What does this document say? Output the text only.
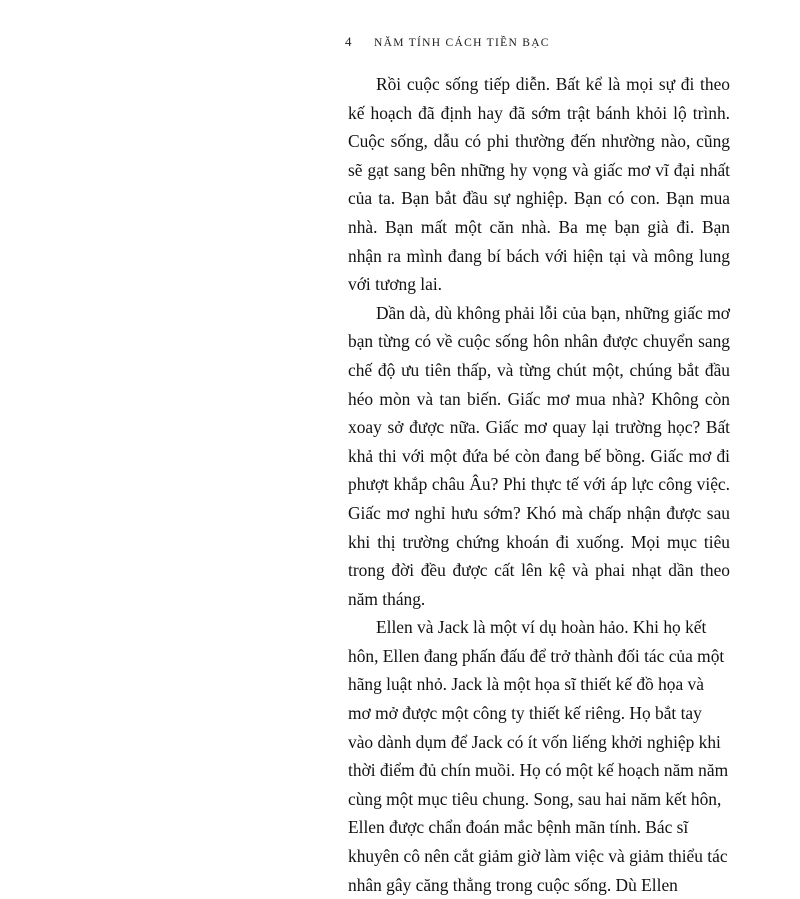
4 NĂM TÍNH CÁCH TIỀN BẠC

Rồi cuộc sống tiếp diễn. Bất kể là mọi sự đi theo kế hoạch đã định hay đã sớm trật bánh khỏi lộ trình. Cuộc sống, dẫu có phi thường đến nhường nào, cũng sẽ gạt sang bên những hy vọng và giấc mơ vĩ đại nhất của ta. Bạn bắt đầu sự nghiệp. Bạn có con. Bạn mua nhà. Bạn mất một căn nhà. Ba mẹ bạn già đi. Bạn nhận ra mình đang bí bách với hiện tại và mông lung với tương lai.

Dần dà, dù không phải lỗi của bạn, những giấc mơ bạn từng có về cuộc sống hôn nhân được chuyển sang chế độ ưu tiên thấp, và từng chút một, chúng bắt đầu héo mòn và tan biến. Giấc mơ mua nhà? Không còn xoay sở được nữa. Giấc mơ quay lại trường học? Bất khả thi với một đứa bé còn đang bế bồng. Giấc mơ đi phượt khắp châu Âu? Phi thực tế với áp lực công việc. Giấc mơ nghỉ hưu sớm? Khó mà chấp nhận được sau khi thị trường chứng khoán đi xuống. Mọi mục tiêu trong đời đều được cất lên kệ và phai nhạt dần theo năm tháng.

Ellen và Jack là một ví dụ hoàn hảo. Khi họ kết hôn, Ellen đang phấn đấu để trở thành đối tác của một hãng luật nhỏ. Jack là một họa sĩ thiết kế đồ họa và mơ mở được một công ty thiết kế riêng. Họ bắt tay vào dành dụm để Jack có ít vốn liếng khởi nghiệp khi thời điểm đủ chín muồi. Họ có một kế hoạch năm năm cùng một mục tiêu chung. Song, sau hai năm kết hôn, Ellen được chẩn đoán mắc bệnh mãn tính. Bác sĩ khuyên cô nên cắt giảm giờ làm việc và giảm thiểu tác nhân gây căng thẳng trong cuộc sống. Dù Ellen
